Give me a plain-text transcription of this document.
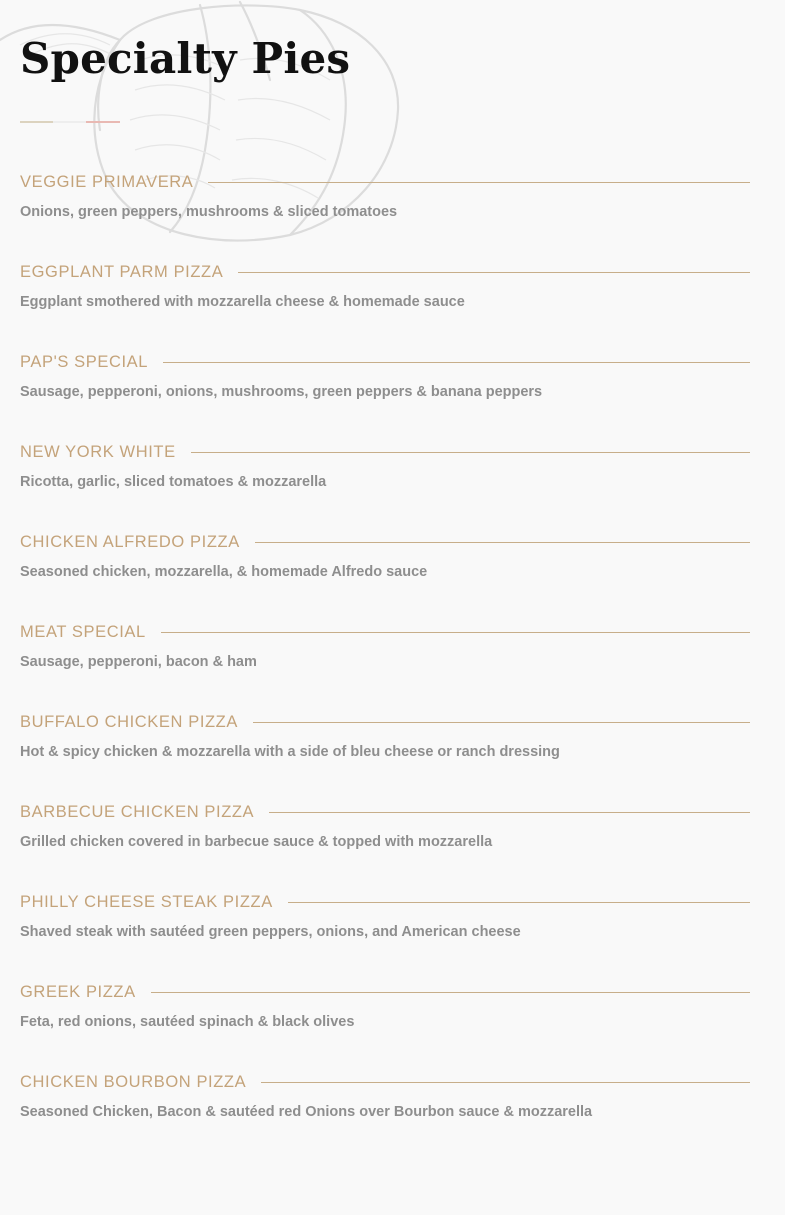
Specialty Pies
VEGGIE PRIMAVERA
Onions, green peppers, mushrooms & sliced tomatoes
EGGPLANT PARM PIZZA
Eggplant smothered with mozzarella cheese & homemade sauce
PAP'S SPECIAL
Sausage, pepperoni, onions, mushrooms, green peppers & banana peppers
NEW YORK WHITE
Ricotta, garlic, sliced tomatoes & mozzarella
CHICKEN ALFREDO PIZZA
Seasoned chicken, mozzarella, & homemade Alfredo sauce
MEAT SPECIAL
Sausage, pepperoni, bacon & ham
BUFFALO CHICKEN PIZZA
Hot & spicy chicken & mozzarella with a side of bleu cheese or ranch dressing
BARBECUE CHICKEN PIZZA
Grilled chicken covered in barbecue sauce & topped with mozzarella
PHILLY CHEESE STEAK PIZZA
Shaved steak with sautéed green peppers, onions, and American cheese
GREEK PIZZA
Feta, red onions, sautéed spinach & black olives
CHICKEN BOURBON PIZZA
Seasoned Chicken, Bacon & sautéed red Onions over Bourbon sauce & mozzarella
